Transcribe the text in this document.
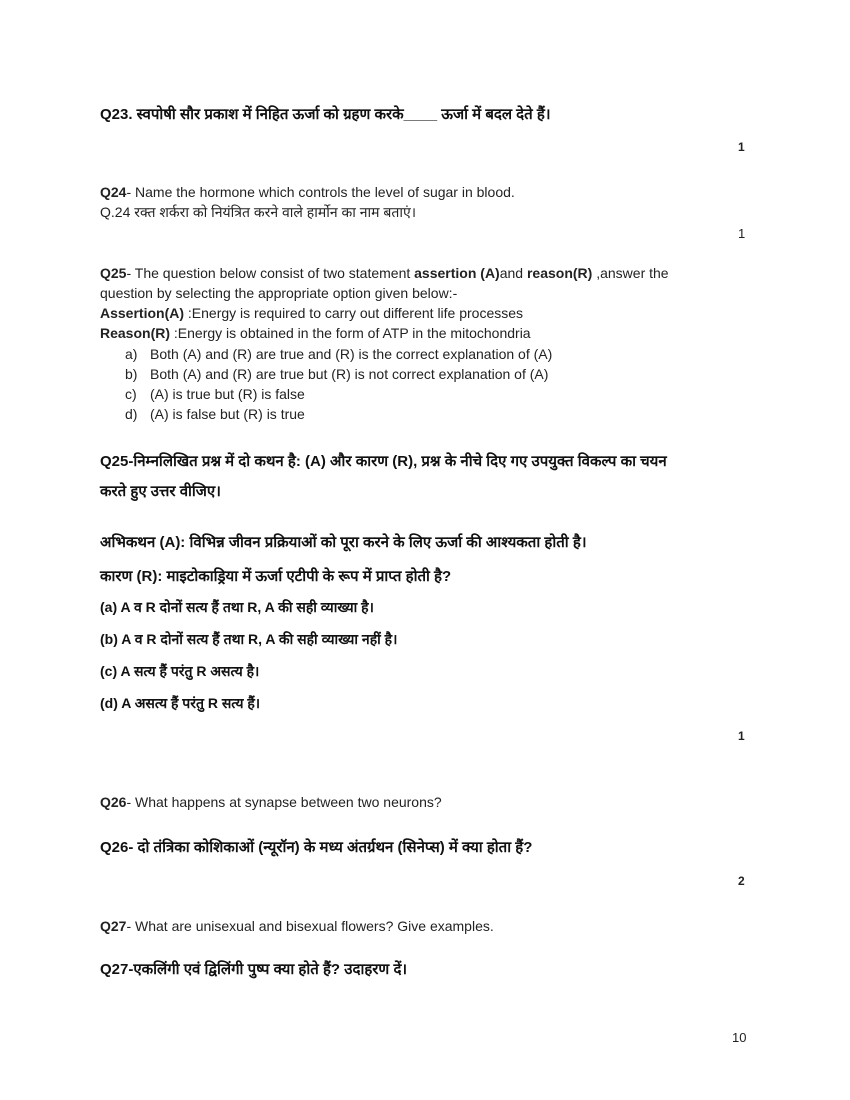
Q23. स्वपोषी सौर प्रकाश में निहित ऊर्जा को ग्रहण करके____ ऊर्जा में बदल देते हैं।
1
Q24- Name the hormone which controls the level of sugar in blood.
Q.24 रक्त शर्करा को नियंत्रित करने वाले हार्मोन का नाम बताएं।
1
Q25- The question below consist of two statement assertion (A)and reason(R) ,answer the
question by selecting the appropriate option given below:-
Assertion(A) :Energy is required to carry out different life processes
Reason(R) :Energy is obtained in the form of ATP in the mitochondria
a) Both (A) and (R) are true and (R) is the correct explanation of (A)
b) Both (A) and (R) are true but (R) is not correct explanation of (A)
c) (A) is true but (R) is false
d) (A) is false but (R) is true
Q25-निम्नलिखित प्रश्न में दो कथन है: (A) और कारण (R), प्रश्न के नीचे दिए गए उपयुक्त विकल्प का चयन
करते हुए उत्तर वीजिए।
अभिकथन (A): विभिन्न जीवन प्रक्रियाओं को पूरा करने के लिए ऊर्जा की आश्यकता होती है।
कारण (R): माइटोकाड्रिया में ऊर्जा एटीपी के रूप में प्राप्त होती है?
(a) A व R दोनों सत्य हैं तथा R, A की सही व्याख्या है।
(b) A व R दोनों सत्य हैं तथा R, A की सही व्याख्या नहीं है।
(c) A सत्य हैं परंतु R असत्य है।
(d) A असत्य हैं परंतु R सत्य हैं।
1
Q26- What happens at synapse between two neurons?
Q26- दो तंत्रिका कोशिकाओं (न्यूरॉन) के मध्य अंतर्ग्रथन (सिनेप्स) में क्या होता हैं?
2
Q27- What are unisexual and bisexual flowers? Give examples.
Q27-एकलिंगी एवं द्विलिंगी पुष्प क्या होते हैं? उदाहरण दें।
10
